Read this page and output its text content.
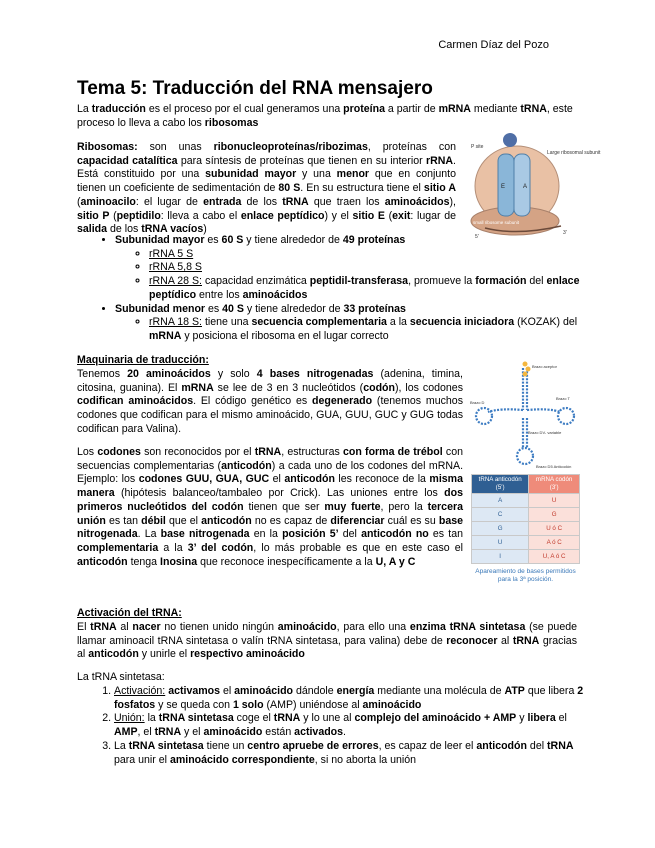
Carmen Díaz del Pozo
Tema 5: Traducción del RNA mensajero
La traducción es el proceso por el cual generamos una proteína a partir de mRNA mediante tRNA, este proceso lo lleva a cabo los ribosomas
Ribosomas: son unas ribonucleoproteínas/ribozimas, proteínas con capacidad catalítica para síntesis de proteínas que tienen en su interior rRNA. Está constituido por una subunidad mayor y una menor que en conjunto tienen un coeficiente de sedimentación de 80 S. En su estructura tiene el sitio A (aminoacilo: el lugar de entrada de los tRNA que traen los aminoácidos), sitio P (peptidilo: lleva a cabo el enlace peptídico) y el sitio E (exit: lugar de salida de los tRNA vacíos)
P site
Large ribosomal subunit
small ribosome subunit
E	A
5'
3'
• Subunidad mayor es 60 S y tiene alrededor de 49 proteínas
◦ rRNA 5 S
◦ rRNA 5,8 S
◦ rRNA 28 S: capacidad enzimática peptidil-transferasa, promueve la formación del enlace peptídico entre los aminoácidos
• Subunidad menor es 40 S y tiene alrededor de 33 proteínas
◦ rRNA 18 S: tiene una secuencia complementaria a la secuencia iniciadora (KOZAK) del mRNA y posiciona el ribosoma en el lugar correcto
Maquinaria de traducción:
Tenemos 20 aminoácidos y solo 4 bases nitrogenadas (adenina, timina, citosina, guanina). El mRNA se lee de 3 en 3 nucleótidos (codón), los codones codifican aminoácidos. El código genético es degenerado (tenemos muchos codones que codifican para el mismo aminoácido, GUA, GUU, GUC y GUG todas codifican para Valina).
Los codones son reconocidos por el tRNA, estructuras con forma de trébol con secuencias complementarias (anticodón) a cada uno de los codones del mRNA. Ejemplo: los codones GUU, GUA, GUC el anticodón les reconoce de la misma manera (hipótesis balanceo/tambaleo por Crick). Las uniones entre los dos primeros nucleótidos del codón tienen que ser muy fuerte, pero la tercera unión es tan débil que el anticodón no es capaz de diferenciar cuál es su base nitrogenada. La base nitrogenada en la posición 5’ del anticodón no es tan complementaria a la 3’ del codón, lo más probable es que en este caso el anticodón tenga Inosina que reconoce inespecíficamente a la U, A y C
Brazo aceptor
Brazo T
Brazo D
Brazo DV- variable
Brazo D5 Anticodón
tRNA anticodón (5')	mRNA codón (3')
A	U
C	G
G	U ó C
U	A ó C
I	U, A ó C
Apareamiento de bases permitidos para la 3ª posición.
Activación del tRNA:
El tRNA al nacer no tienen unido ningún aminoácido, para ello una enzima tRNA sintetasa (se puede llamar aminoacil tRNA sintetasa o valín tRNA sintetasa, para valina) debe de reconocer al tRNA gracias al anticodón y unirle el respectivo aminoácido
La tRNA sintetasa:
1. Activación: activamos el aminoácido dándole energía mediante una molécula de ATP que libera 2 fosfatos y se queda con 1 solo (AMP) uniéndose al aminoácido
2. Unión: la tRNA sintetasa coge el tRNA y lo une al complejo del aminoácido + AMP y libera el AMP, el tRNA y el aminoácido están activados.
3. La tRNA sintetasa tiene un centro apruebe de errores, es capaz de leer el anticodón del tRNA para unir el aminoácido correspondiente, si no aborta la unión
